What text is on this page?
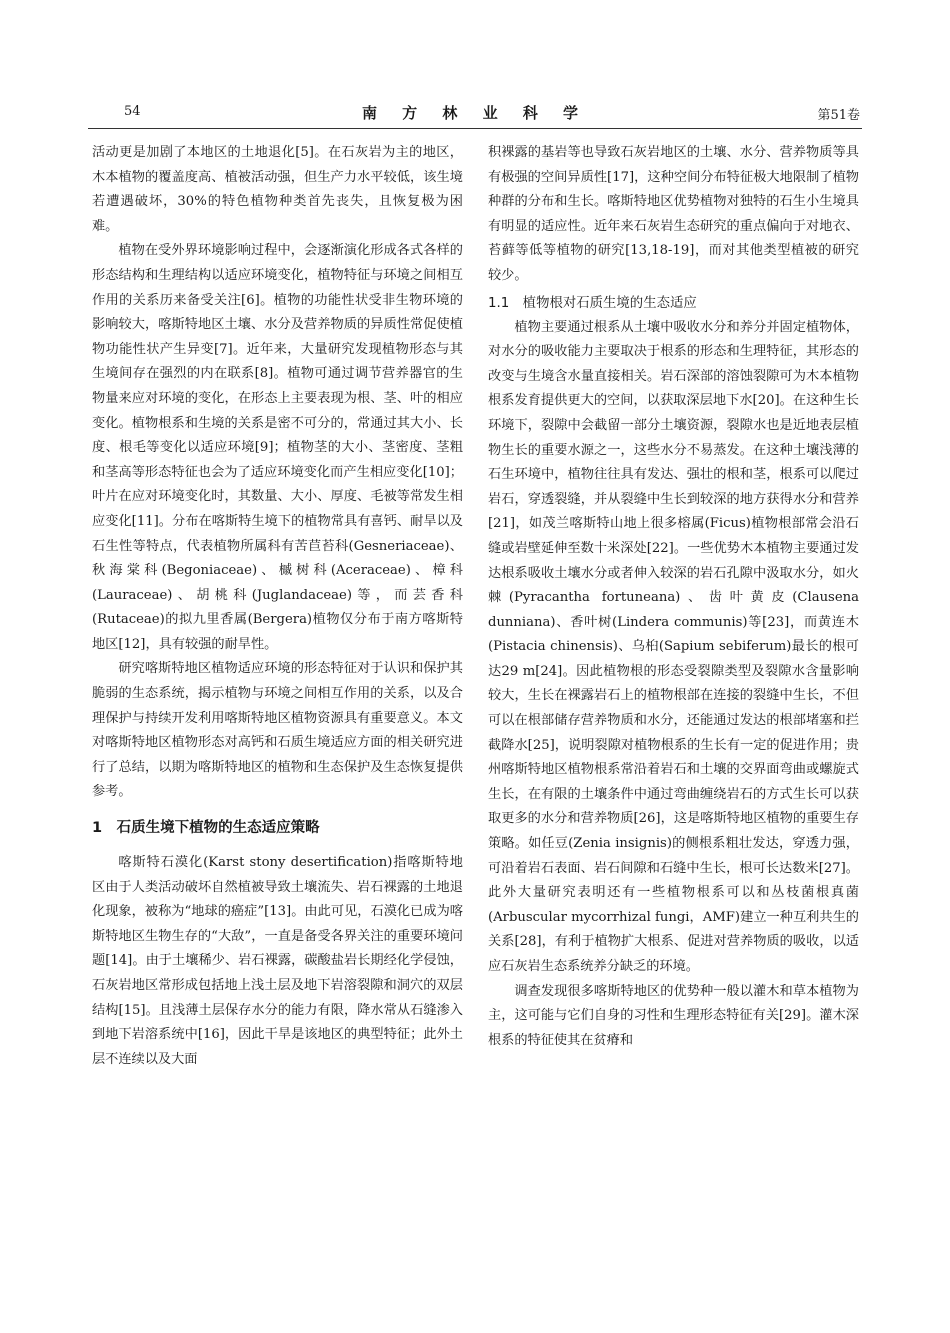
54	南 方 林 业 科 学	第51卷

活动更是加剧了本地区的土地退化[5]。在石灰岩为主的地区，木本植物的覆盖度高、植被活动强，但生产力水平较低，该生境若遭遇破坏，30%的特色植物种类首先丧失，且恢复极为困难。

植物在受外界环境影响过程中，会逐渐演化形成各式各样的形态结构和生理结构以适应环境变化，植物特征与环境之间相互作用的关系历来备受关注[6]。植物的功能性状受非生物环境的影响较大，喀斯特地区土壤、水分及营养物质的异质性常促使植物功能性状产生异变[7]。近年来，大量研究发现植物形态与其生境间存在强烈的内在联系[8]。植物可通过调节营养器官的生物量来应对环境的变化，在形态上主要表现为根、茎、叶的相应变化。植物根系和生境的关系是密不可分的，常通过其大小、长度、根毛等变化以适应环境[9]；植物茎的大小、茎密度、茎粗和茎高等形态特征也会为了适应环境变化而产生相应变化[10]；叶片在应对环境变化时，其数量、大小、厚度、毛被等常发生相应变化[11]。分布在喀斯特生境下的植物常具有喜钙、耐旱以及石生性等特点，代表植物所属科有苦苣苔科(Gesneriaceae)、秋海棠科(Begoniaceae)、槭树科(Aceraceae)、樟科(Lauraceae)、胡桃科(Juglandaceae)等，而芸香科(Rutaceae)的拟九里香属(Bergera)植物仅分布于南方喀斯特地区[12]，具有较强的耐旱性。

研究喀斯特地区植物适应环境的形态特征对于认识和保护其脆弱的生态系统，揭示植物与环境之间相互作用的关系，以及合理保护与持续开发利用喀斯特地区植物资源具有重要意义。本文对喀斯特地区植物形态对高钙和石质生境适应方面的相关研究进行了总结，以期为喀斯特地区的植物和生态保护及生态恢复提供参考。

1　石质生境下植物的生态适应策略

喀斯特石漠化(Karst stony desertification)指喀斯特地区由于人类活动破坏自然植被导致土壤流失、岩石裸露的土地退化现象，被称为“地球的癌症”[13]。由此可见，石漠化已成为喀斯特地区生物生存的“大敌”，一直是备受各界关注的重要环境问题[14]。由于土壤稀少、岩石裸露，碳酸盐岩长期经化学侵蚀，石灰岩地区常形成包括地上浅土层及地下岩溶裂隙和洞穴的双层结构[15]。且浅薄土层保存水分的能力有限，降水常从石缝渗入到地下岩溶系统中[16]，因此干旱是该地区的典型特征；此外土层不连续以及大面

积裸露的基岩等也导致石灰岩地区的土壤、水分、营养物质等具有极强的空间异质性[17]，这种空间分布特征极大地限制了植物种群的分布和生长。喀斯特地区优势植物对独特的石生小生境具有明显的适应性。近年来石灰岩生态研究的重点偏向于对地衣、苔藓等低等植物的研究[13,18-19]，而对其他类型植被的研究较少。

1.1　植物根对石质生境的生态适应

植物主要通过根系从土壤中吸收水分和养分并固定植物体，对水分的吸收能力主要取决于根系的形态和生理特征，其形态的改变与生境含水量直接相关。岩石深部的溶蚀裂隙可为木本植物根系发育提供更大的空间，以获取深层地下水[20]。在这种生长环境下，裂隙中会截留一部分土壤资源，裂隙水也是近地表层植物生长的重要水源之一，这些水分不易蒸发。在这种土壤浅薄的石生环境中，植物往往具有发达、强壮的根和茎，根系可以爬过岩石，穿透裂缝，并从裂缝中生长到较深的地方获得水分和营养[21]，如茂兰喀斯特山地上很多榕属(Ficus)植物根部常会沿石缝或岩壁延伸至数十米深处[22]。一些优势木本植物主要通过发达根系吸收土壤水分或者伸入较深的岩石孔隙中汲取水分，如火棘(Pyracantha fortuneana)、齿叶黄皮(Clausena dunniana)、香叶树(Lindera communis)等[23]，而黄连木(Pistacia chinensis)、乌桕(Sapium sebiferum)最长的根可达29 m[24]。因此植物根的形态受裂隙类型及裂隙水含量影响较大，生长在裸露岩石上的植物根部在连接的裂缝中生长，不但可以在根部储存营养物质和水分，还能通过发达的根部堵塞和拦截降水[25]，说明裂隙对植物根系的生长有一定的促进作用；贵州喀斯特地区植物根系常沿着岩石和土壤的交界面弯曲或螺旋式生长，在有限的土壤条件中通过弯曲缠绕岩石的方式生长可以获取更多的水分和营养物质[26]，这是喀斯特地区植物的重要生存策略。如任豆(Zenia insignis)的侧根系粗壮发达，穿透力强，可沿着岩石表面、岩石间隙和石缝中生长，根可长达数米[27]。此外大量研究表明还有一些植物根系可以和丛枝菌根真菌(Arbuscular mycorrhizal fungi，AMF)建立一种互利共生的关系[28]，有利于植物扩大根系、促进对营养物质的吸收，以适应石灰岩生态系统养分缺乏的环境。

调查发现很多喀斯特地区的优势种一般以灌木和草本植物为主，这可能与它们自身的习性和生理形态特征有关[29]。灌木深根系的特征使其在贫瘠和
